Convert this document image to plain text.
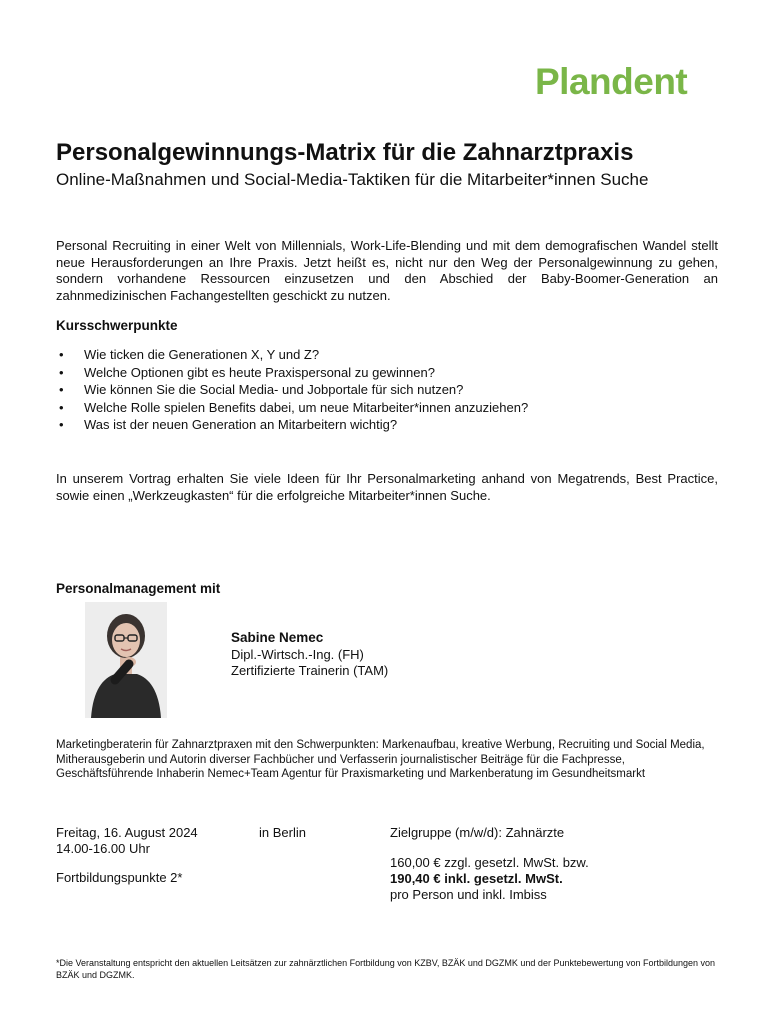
Plandent
Personalgewinnungs-Matrix für die Zahnarztpraxis
Online-Maßnahmen und Social-Media-Taktiken für die Mitarbeiter*innen Suche

Personal Recruiting in einer Welt von Millennials, Work-Life-Blending und mit dem demografischen Wandel stellt neue Herausforderungen an Ihre Praxis. Jetzt heißt es, nicht nur den Weg der Personalgewinnung zu gehen, sondern vorhandene Ressourcen einzusetzen und den Abschied der Baby-Boomer-Generation an zahnmedizinischen Fachangestellten geschickt zu nutzen.

Kursschwerpunkte
• Wie ticken die Generationen X, Y und Z?
• Welche Optionen gibt es heute Praxispersonal zu gewinnen?
• Wie können Sie die Social Media- und Jobportale für sich nutzen?
• Welche Rolle spielen Benefits dabei, um neue Mitarbeiter*innen anzuziehen?
• Was ist der neuen Generation an Mitarbeitern wichtig?

In unserem Vortrag erhalten Sie viele Ideen für Ihr Personalmarketing anhand von Megatrends, Best Practice, sowie einen „Werkzeugkasten“ für die erfolgreiche Mitarbeiter*innen Suche.

Personalmanagement mit
Sabine Nemec
Dipl.-Wirtsch.-Ing. (FH)
Zertifizierte Trainerin (TAM)

Marketingberaterin für Zahnarztpraxen mit den Schwerpunkten: Markenaufbau, kreative Werbung, Recruiting und Social Media, Mitherausgeberin und Autorin diverser Fachbücher und Verfasserin journalistischer Beiträge für die Fachpresse, Geschäftsführende Inhaberin Nemec+Team Agentur für Praxismarketing und Markenberatung im Gesundheitsmarkt

Freitag, 16. August 2024
14.00-16.00 Uhr
Fortbildungspunkte 2*
in Berlin	Zielgruppe (m/w/d): Zahnärzte
160,00 € zzgl. gesetzl. MwSt. bzw.
190,40 € inkl. gesetzl. MwSt.
pro Person und inkl. Imbiss

*Die Veranstaltung entspricht den aktuellen Leitsätzen zur zahnärztlichen Fortbildung von KZBV, BZÄK und DGZMK und der Punktebewertung von Fortbildungen von BZÄK und DGZMK.
